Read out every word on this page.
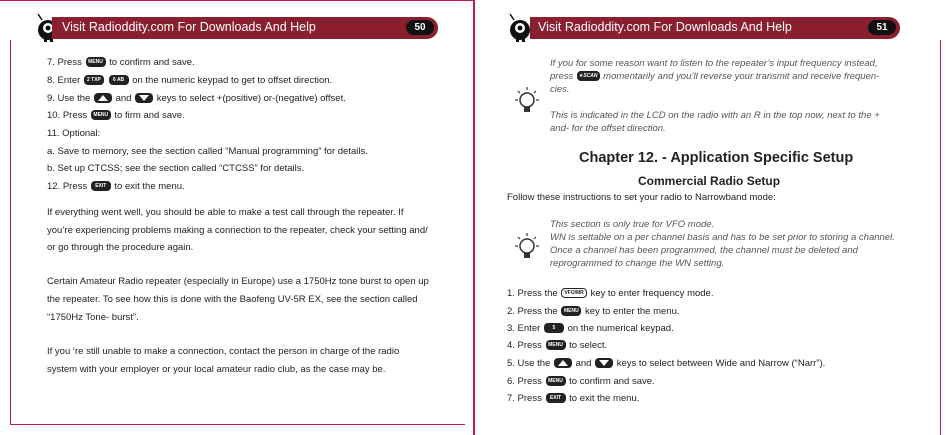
Visit Radioddity.com For Downloads And Help	50
7. Press MENU to confirm and save.
8. Enter 2 TXP 6 AB on the numeric keypad to get to offset direction.
9. Use the	and	keys to select +(positive) or-(negative) offset.
10. Press MENU to firm and save.
11. Optional:
a. Save to memory, see the section called “Manual programming” for details.
b. Set up CTCSS; see the section called “CTCSS” for details.
12. Press EXIT to exit the menu.
If everything went well, you should be able to make a test call through the repeater. If
you’re experiencing problems making a connection to the repeater, check your setting and/
or go through the procedure again.
Certain Amateur Radio repeater (especially in Europe) use a 1750Hz tone burst to open up
the repeater. To see how this is done with the Baofeng UV-5R EX, see the section called
“1750Hz Tone- burst”.
If you ‘re still unable to make a connection, contact the person in charge of the radio
system with your employer or your local amateur radio club, as the case may be.
Visit Radioddity.com For Downloads And Help	51
If you for some reason want to listen to the repeater’s input frequency instead,
press ★SCAN momentarily and you’ll reverse your transmit and receive frequen-
cies.
This is indicated in the LCD on the radio with an R in the top now, next to the +
and- for the offset direction.
Chapter 12. - Application Specific Setup
Commercial Radio Setup
Follow these instructions to set your radio to Narrowband mode:
This section is only true for VFO mode.
WN is settable on a per channel basis and has to be set prior to storing a channel.
Once a channel has been programmed, the channel must be deleted and
reprogrammed to change the WN setting.
1. Press the VFO/MR key to enter frequency mode.
2. Press the MENU key to enter the menu.
3. Enter 5 on the numerical keypad.
4. Press MENU to select.
5. Use the	and	keys to select between Wide and Narrow (“Narr”).
6. Press MENU to confirm and save.
7. Press EXIT to exit the menu.
